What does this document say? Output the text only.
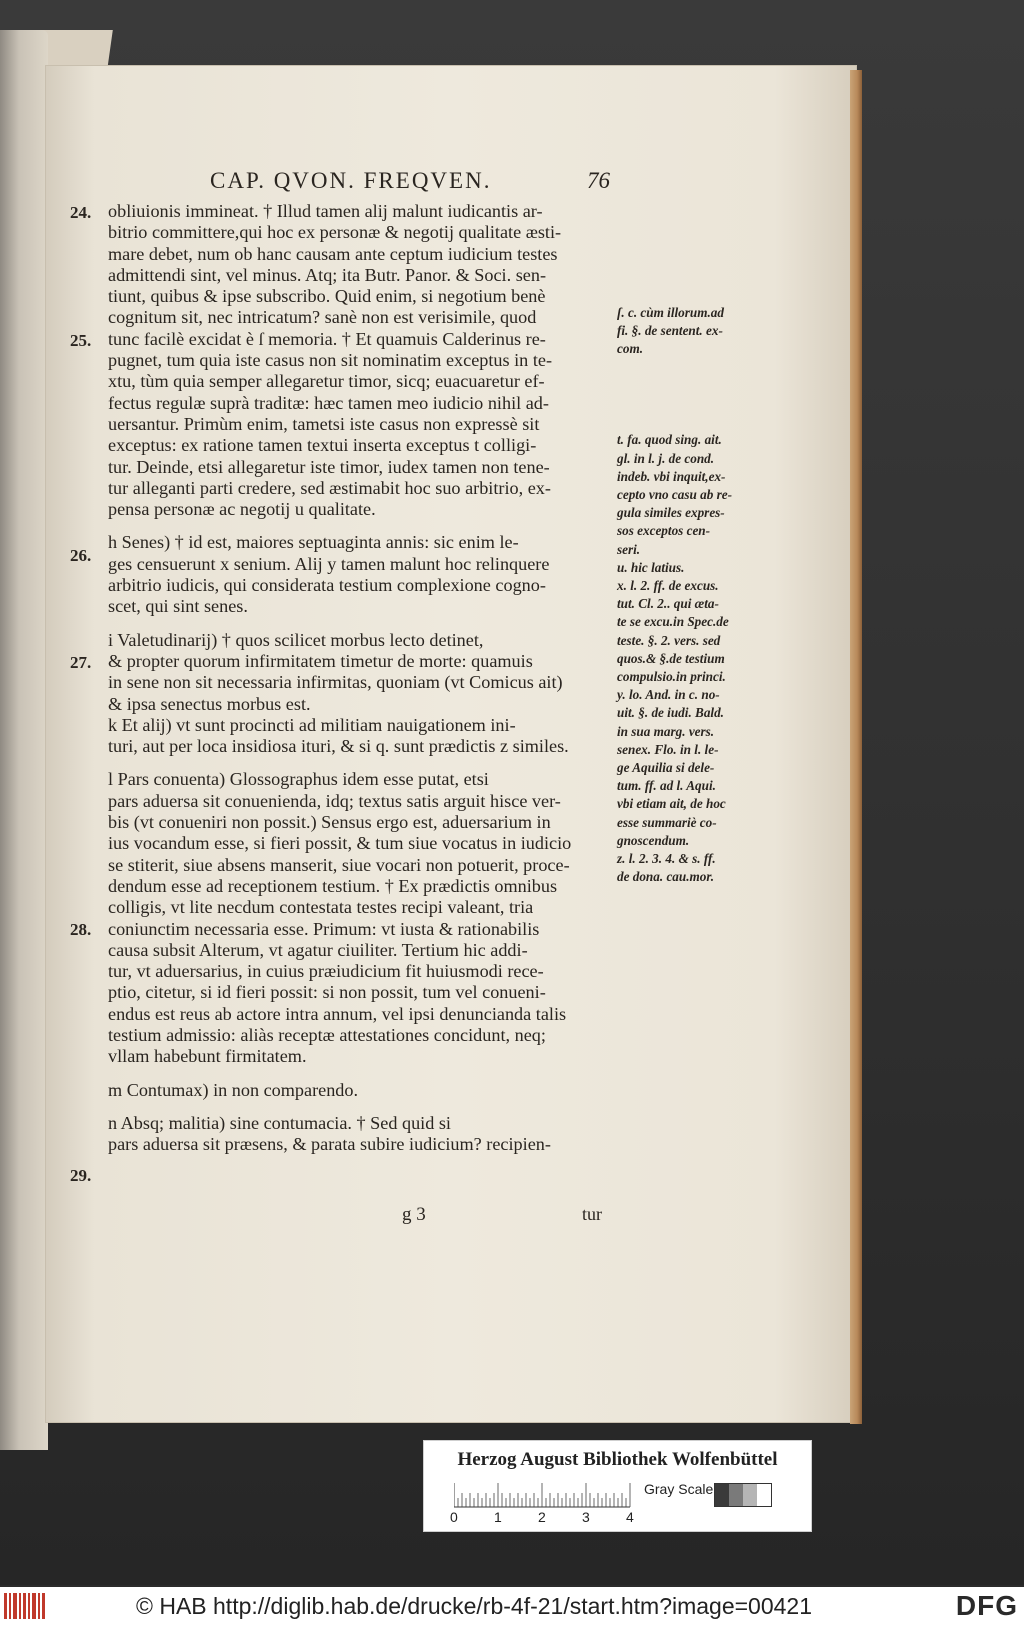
CAP. QVON. FREQVEN.	76
24.
25.
26.
27.
28.
29.
obliuionis immineat. † Illud tamen alij malunt iudicantis ar-
bitrio committere,qui hoc ex personæ & negotij qualitate æsti-
mare debet, num ob hanc causam ante ceptum iudicium testes
admittendi sint, vel minus. Atq; ita Butr. Panor. & Soci. sen-
tiunt, quibus & ipse subscribo. Quid enim, si negotium benè
cognitum sit, nec intricatum? sanè non est verisimile, quod
tunc facilè excidat è ſ memoria. † Et quamuis Calderinus re-
pugnet, tum quia iste casus non sit nominatim exceptus in te-
xtu, tùm quia semper allegaretur timor, sicq; euacuaretur ef-
fectus regulæ suprà traditæ: hæc tamen meo iudicio nihil ad-
uersantur. Primùm enim, tametsi iste casus non expressè sit
exceptus: ex ratione tamen textui inserta exceptus t colligi-
tur. Deinde, etsi allegaretur iste timor, iudex tamen non tene-
tur alleganti parti credere, sed æstimabit hoc suo arbitrio, ex-
pensa personæ ac negotij u qualitate.
h Senes) † id est, maiores septuaginta annis: sic enim le-
ges censuerunt x senium. Alij y tamen malunt hoc relinquere
arbitrio iudicis, qui considerata testium complexione cogno-
scet, qui sint senes.
i Valetudinarij) † quos scilicet morbus lecto detinet,
& propter quorum infirmitatem timetur de morte: quamuis
in sene non sit necessaria infirmitas, quoniam (vt Comicus ait)
& ipsa senectus morbus est.
k Et alij) vt sunt procincti ad militiam nauigationem ini-
turi, aut per loca insidiosa ituri, & si q. sunt prædictis z similes.
l Pars conuenta) Glossographus idem esse putat, etsi
pars aduersa sit conuenienda, idq; textus satis arguit hisce ver-
bis (vt conueniri non possit.) Sensus ergo est, aduersarium in
ius vocandum esse, si fieri possit, & tum siue vocatus in iudicio
se stiterit, siue absens manserit, siue vocari non potuerit, proce-
dendum esse ad receptionem testium. † Ex prædictis omnibus
colligis, vt lite necdum contestata testes recipi valeant, tria
coniunctim necessaria esse. Primum: vt iusta & rationabilis
causa subsit Alterum, vt agatur ciuiliter. Tertium hic addi-
tur, vt aduersarius, in cuius præiudicium fit huiusmodi rece-
ptio, citetur, si id fieri possit: si non possit, tum vel conueni-
endus est reus ab actore intra annum, vel ipsi denuncianda talis
testium admissio: aliàs receptæ attestationes concidunt, neq;
vllam habebunt firmitatem.
m Contumax) in non comparendo.
n Absq; malitia) sine contumacia. † Sed quid si
pars aduersa sit præsens, & parata subire iudicium? recipien-
ſ. c. cùm illorum.ad
fi. §. de sentent. ex-
com.

t. fa. quod sing. ait.
gl. in l. j. de cond.
indeb. vbi inquit,ex-
cepto vno casu ab re-
gula similes expres-
sos exceptos cen-
seri.
u. hic latius.
x. l. 2. ff. de excus.
tut. Cl. 2.. qui æta-
te se excu.in Spec.de
teste. §. 2. vers. sed
quos.& §.de testium
compulsio.in princi.
y. lo. And. in c. no-
uit. §. de iudi. Bald.
in sua marg. vers.
senex. Flo. in l. le-
ge Aquilia si dele-
tum. ff. ad l. Aqui.
vbi etiam ait, de hoc
esse summariè co-
gnoscendum.
z. l. 2. 3. 4. & s. ff.
de dona. cau.mor.
g 3	tur
Herzog August Bibliothek Wolfenbüttel
0	1	2	3	4
Gray Scale
© HAB http://diglib.hab.de/drucke/rb-4f-21/start.htm?image=00421	DFG
